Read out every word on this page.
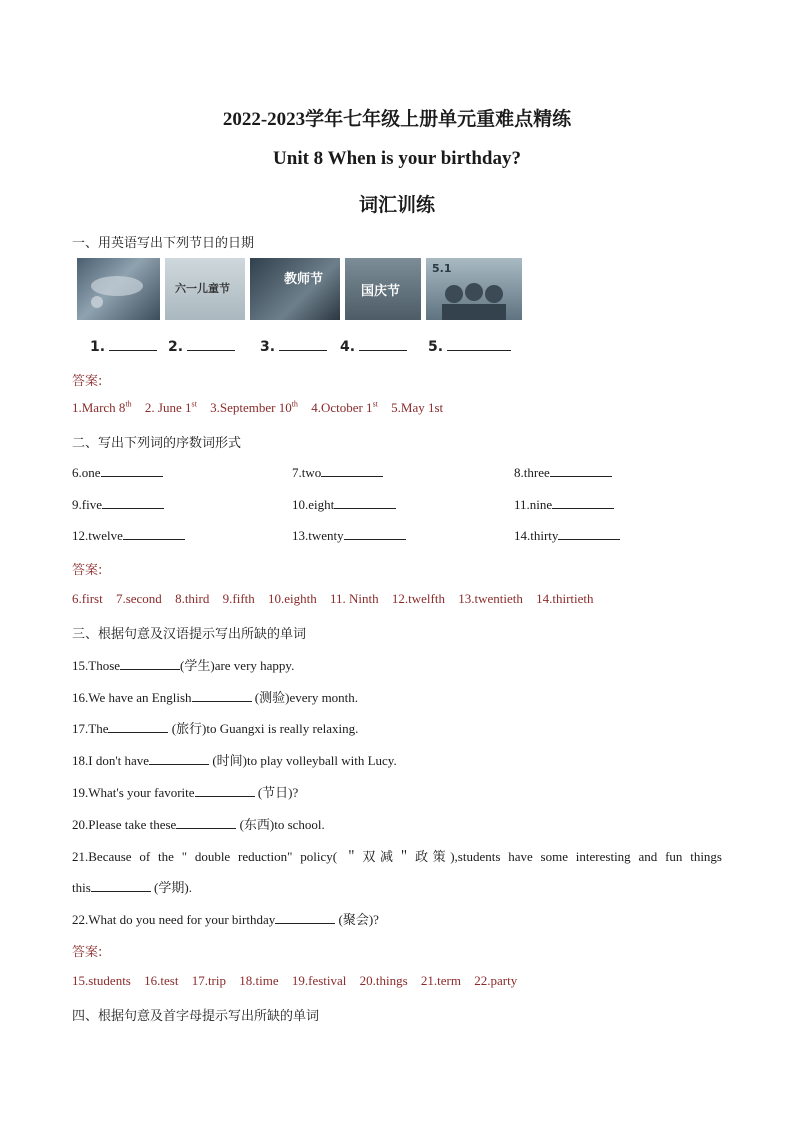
2022-2023学年七年级上册单元重难点精练
Unit 8 When is your birthday?
词汇训练
一、用英语写出下列节日的日期
六一儿童节
教师节
国庆节
5.1
1.	2.	3.	4.	5.
答案:
1.March 8th 2. June 1st 3.September 10th 4.October 1st 5.May 1st
二、写出下列词的序数词形式
6.one	7.two	8.three
9.five	10.eight	11.nine
12.twelve	13.twenty	14.thirty
答案:
6.first 7.second 8.third 9.fifth 10.eighth 11. Ninth 12.twelfth 13.twentieth 14.thirtieth
三、根据句意及汉语提示写出所缺的单词
15.Those	(学生)are very happy.
16.We have an English	(测验)every month.
17.The	(旅行)to Guangxi is really relaxing.
18.I don't have	(时间)to play volleyball with Lucy.
19.What's your favorite	(节日)?
20.Please take these	(东西)to school.
21.Because of the " double reduction" policy( ＂双减＂政策),students have some interesting and fun things
this	(学期).
22.What do you need for your birthday	(聚会)?
答案:
15.students 16.test 17.trip 18.time 19.festival 20.things 21.term 22.party
四、根据句意及首字母提示写出所缺的单词
